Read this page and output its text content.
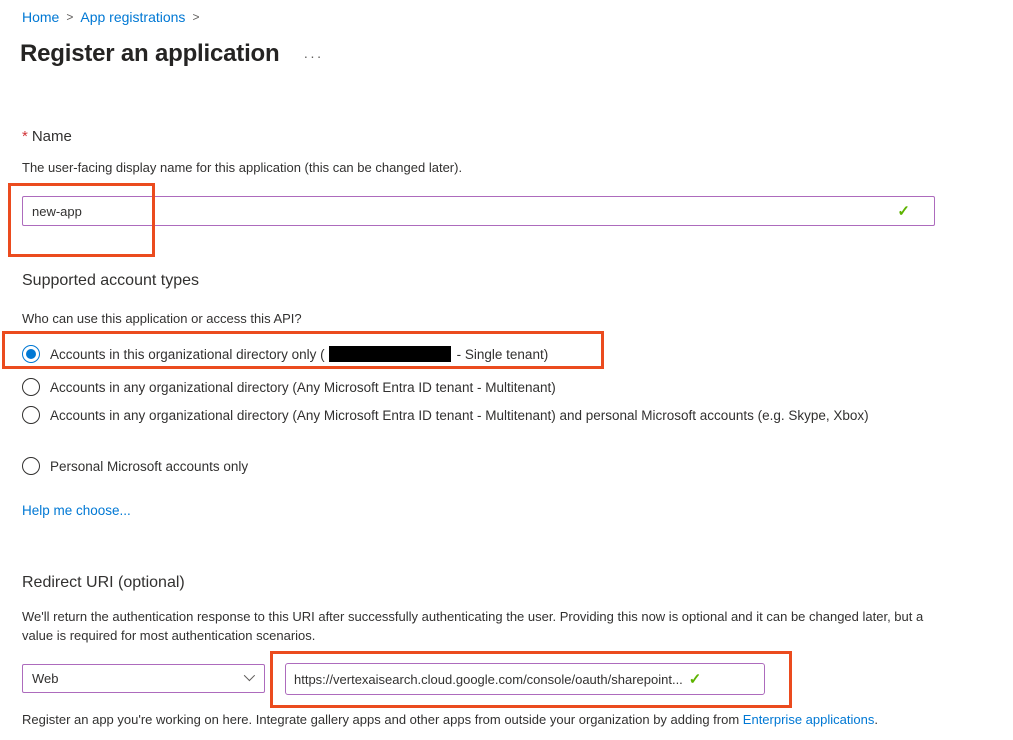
Home > App registrations >
Register an application ···
* Name
The user-facing display name for this application (this can be changed later).
new-app
✓
Supported account types
Who can use this application or access this API?
Accounts in this organizational directory only (	- Single tenant)
Accounts in any organizational directory (Any Microsoft Entra ID tenant - Multitenant)
Accounts in any organizational directory (Any Microsoft Entra ID tenant - Multitenant) and personal Microsoft accounts (e.g. Skype, Xbox)
Personal Microsoft accounts only
Help me choose...
Redirect URI (optional)
We'll return the authentication response to this URI after successfully authenticating the user. Providing this now is optional and it can be changed later, but a value is required for most authentication scenarios.
Web	https://vertexaisearch.cloud.google.com/console/oauth/sharepoint... ✓
Register an app you're working on here. Integrate gallery apps and other apps from outside your organization by adding from Enterprise applications.
